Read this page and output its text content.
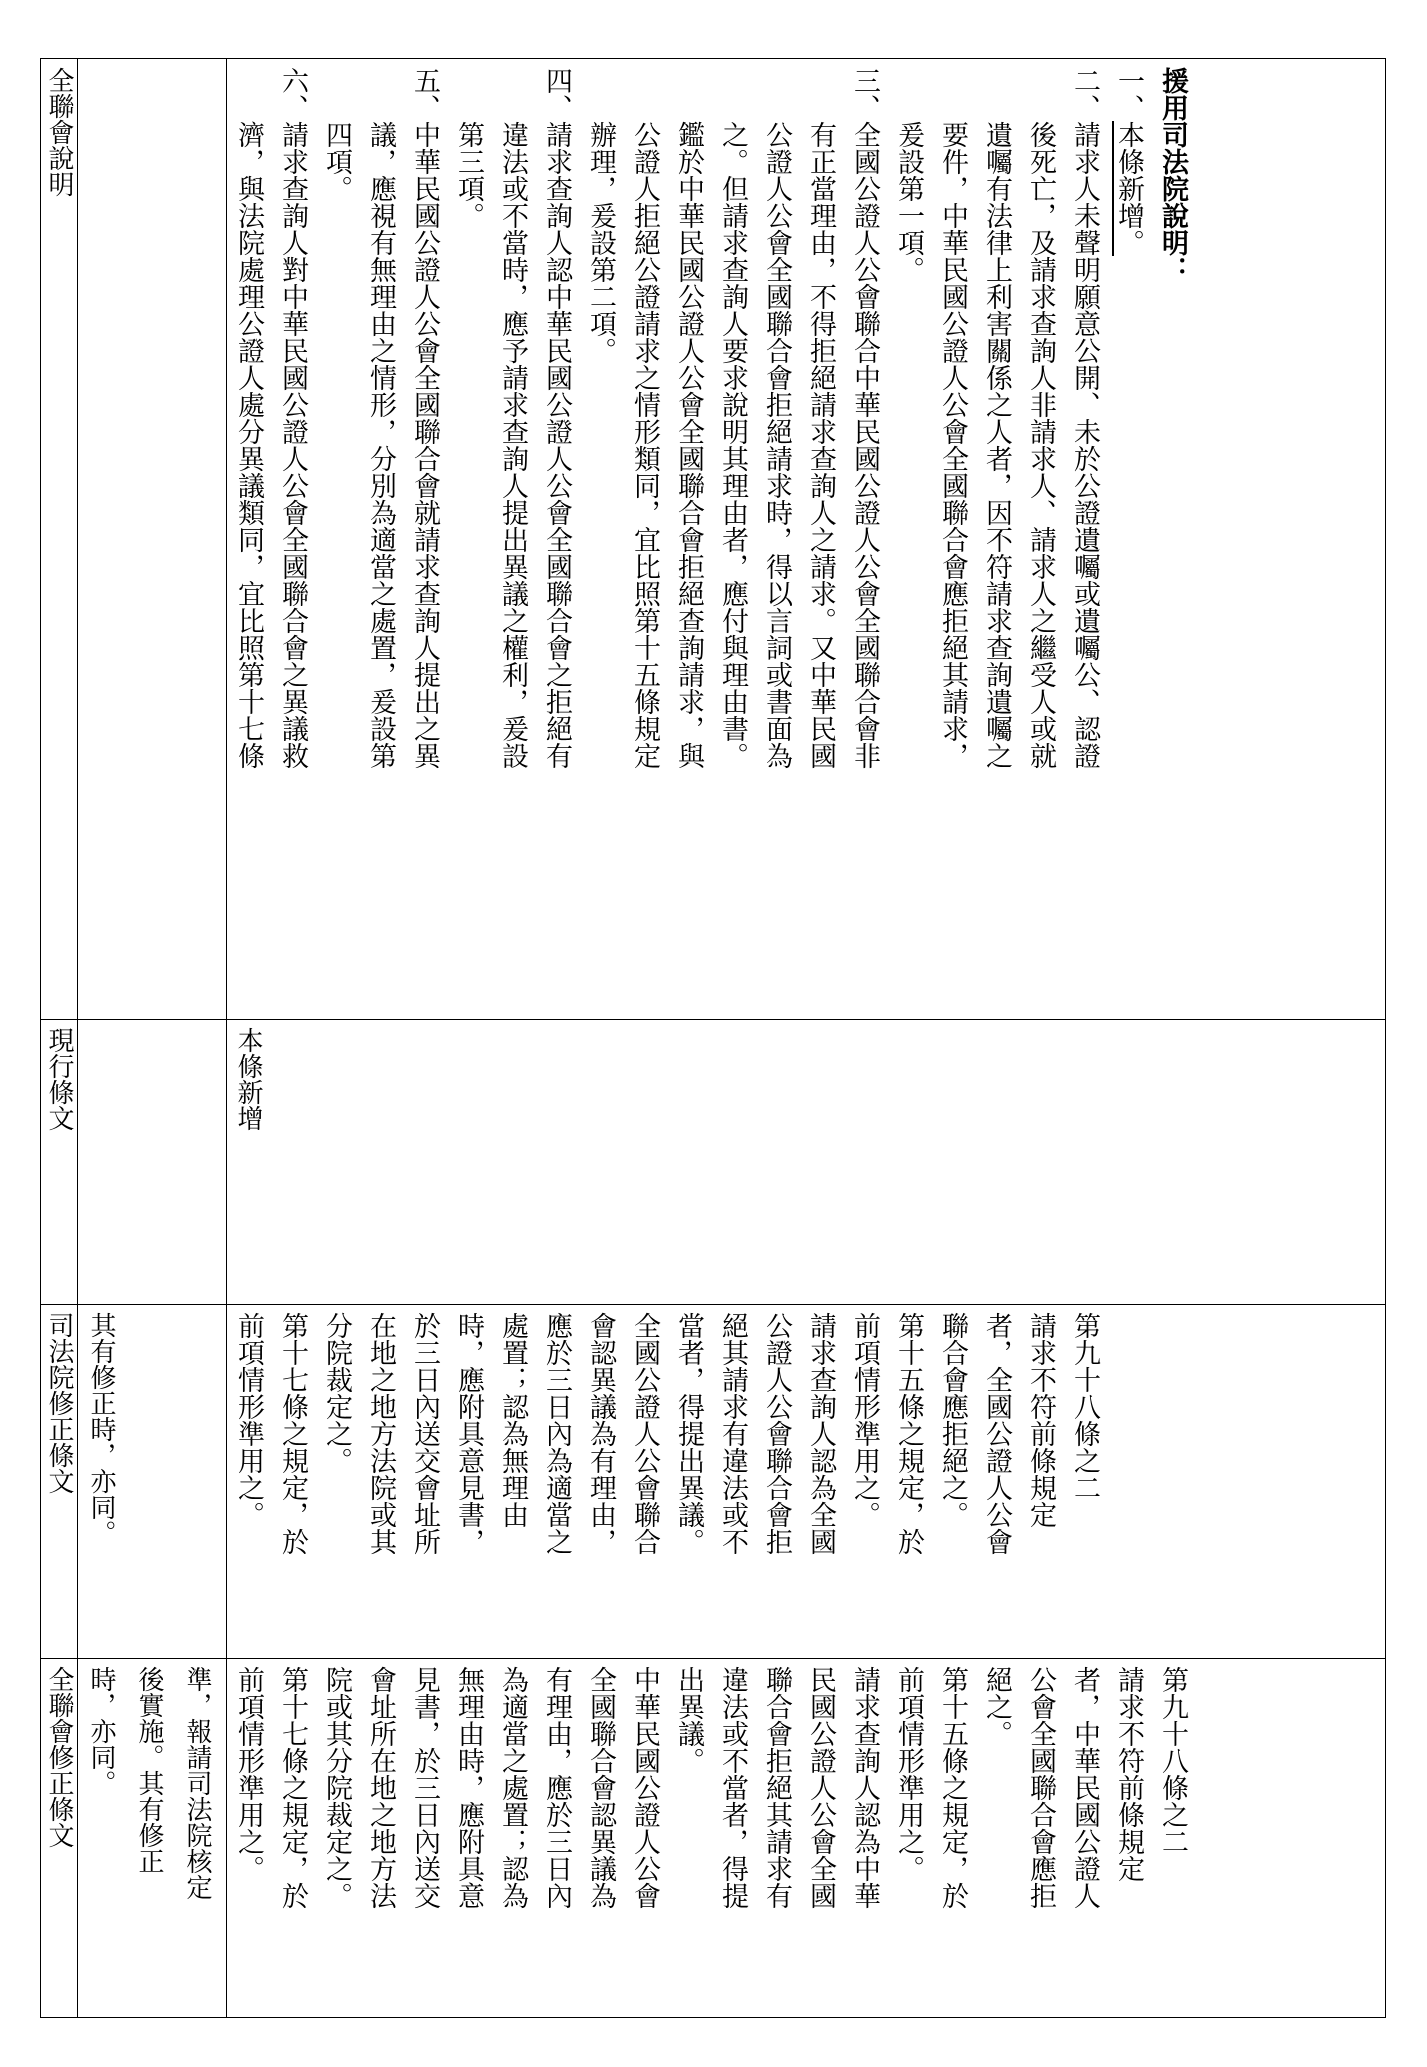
全聯會說明
現行條文
司法院修正條文
全聯會修正條文
其有修正時，亦同。
準，報請司法院核定
後實施。其有修正
時，亦同。
援用司法院說明：
一、本條新增。
二、請求人未聲明願意公開、未於公證遺囑或遺囑公、認證
　　後死亡，及請求查詢人非請求人、請求人之繼受人或就
　　遺囑有法律上利害關係之人者，因不符請求查詢遺囑之
　　要件，中華民國公證人公會全國聯合會應拒絕其請求，
　　爰設第一項。
三、全國公證人公會聯合中華民國公證人公會全國聯合會非
　　有正當理由，不得拒絕請求查詢人之請求。又中華民國
　　公證人公會全國聯合會拒絕請求時，得以言詞或書面為
　　之。但請求查詢人要求說明其理由者，應付與理由書。
　　鑑於中華民國公證人公會全國聯合會拒絕查詢請求，與
　　公證人拒絕公證請求之情形類同，宜比照第十五條規定
　　辦理，爰設第二項。
四、請求查詢人認中華民國公證人公會全國聯合會之拒絕有
　　違法或不當時，應予請求查詢人提出異議之權利，爰設
　　第三項。
五、中華民國公證人公會全國聯合會就請求查詢人提出之異
　　議，應視有無理由之情形，分別為適當之處置，爰設第
　　四項。
六、請求查詢人對中華民國公證人公會全國聯合會之異議救
　　濟，與法院處理公證人處分異議類同，宜比照第十七條
本條新增
第九十八條之二
請求不符前條規定
者，全國公證人公會
聯合會應拒絕之。
第十五條之規定，於
前項情形準用之。
請求查詢人認為全國
公證人公會聯合會拒
絕其請求有違法或不
當者，得提出異議。
全國公證人公會聯合
會認異議為有理由，
應於三日內為適當之
處置；認為無理由
時，應附具意見書，
於三日內送交會址所
在地之地方法院或其
分院裁定之。
第十七條之規定，於
前項情形準用之。
第九十八條之二
請求不符前條規定
者，中華民國公證人
公會全國聯合會應拒
絕之。
第十五條之規定，於
前項情形準用之。
請求查詢人認為中華
民國公證人公會全國
聯合會拒絕其請求有
違法或不當者，得提
出異議。
中華民國公證人公會
全國聯合會認異議為
有理由，應於三日內
為適當之處置；認為
無理由時，應附具意
見書，於三日內送交
會址所在地之地方法
院或其分院裁定之。
第十七條之規定，於
前項情形準用之。
